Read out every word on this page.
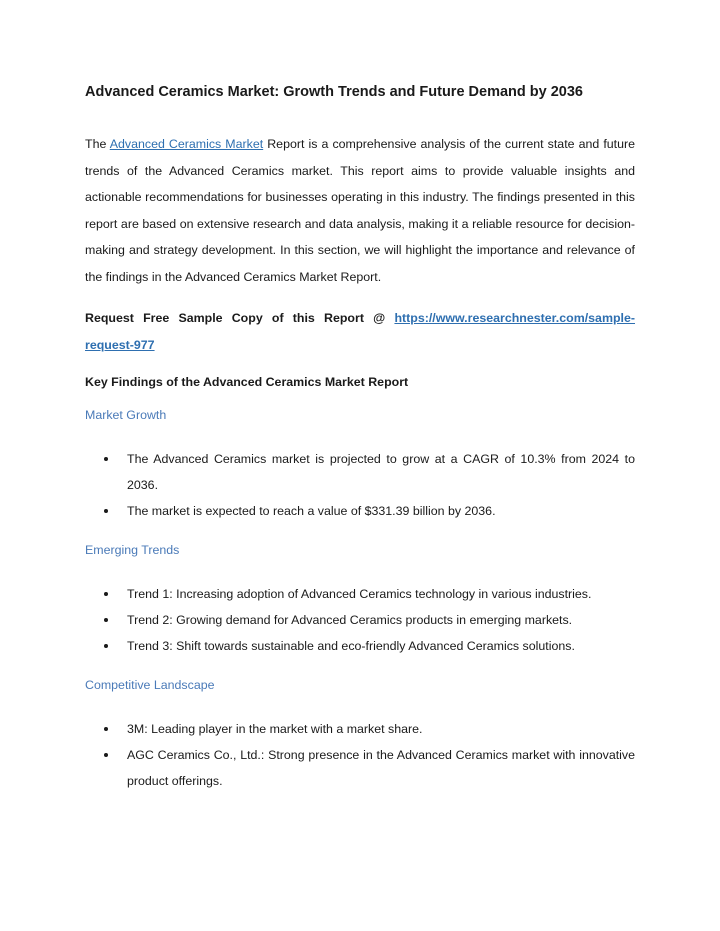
Advanced Ceramics Market: Growth Trends and Future Demand by 2036

The Advanced Ceramics Market Report is a comprehensive analysis of the current state and future trends of the Advanced Ceramics market. This report aims to provide valuable insights and actionable recommendations for businesses operating in this industry. The findings presented in this report are based on extensive research and data analysis, making it a reliable resource for decision-making and strategy development. In this section, we will highlight the importance and relevance of the findings in the Advanced Ceramics Market Report.

Request Free Sample Copy of this Report @ https://www.researchnester.com/sample-request-977

Key Findings of the Advanced Ceramics Market Report
Market Growth
The Advanced Ceramics market is projected to grow at a CAGR of 10.3% from 2024 to 2036.
The market is expected to reach a value of $331.39 billion by 2036.
Emerging Trends
Trend 1: Increasing adoption of Advanced Ceramics technology in various industries.
Trend 2: Growing demand for Advanced Ceramics products in emerging markets.
Trend 3: Shift towards sustainable and eco-friendly Advanced Ceramics solutions.
Competitive Landscape
3M: Leading player in the market with a market share.
AGC Ceramics Co., Ltd.: Strong presence in the Advanced Ceramics market with innovative product offerings.
